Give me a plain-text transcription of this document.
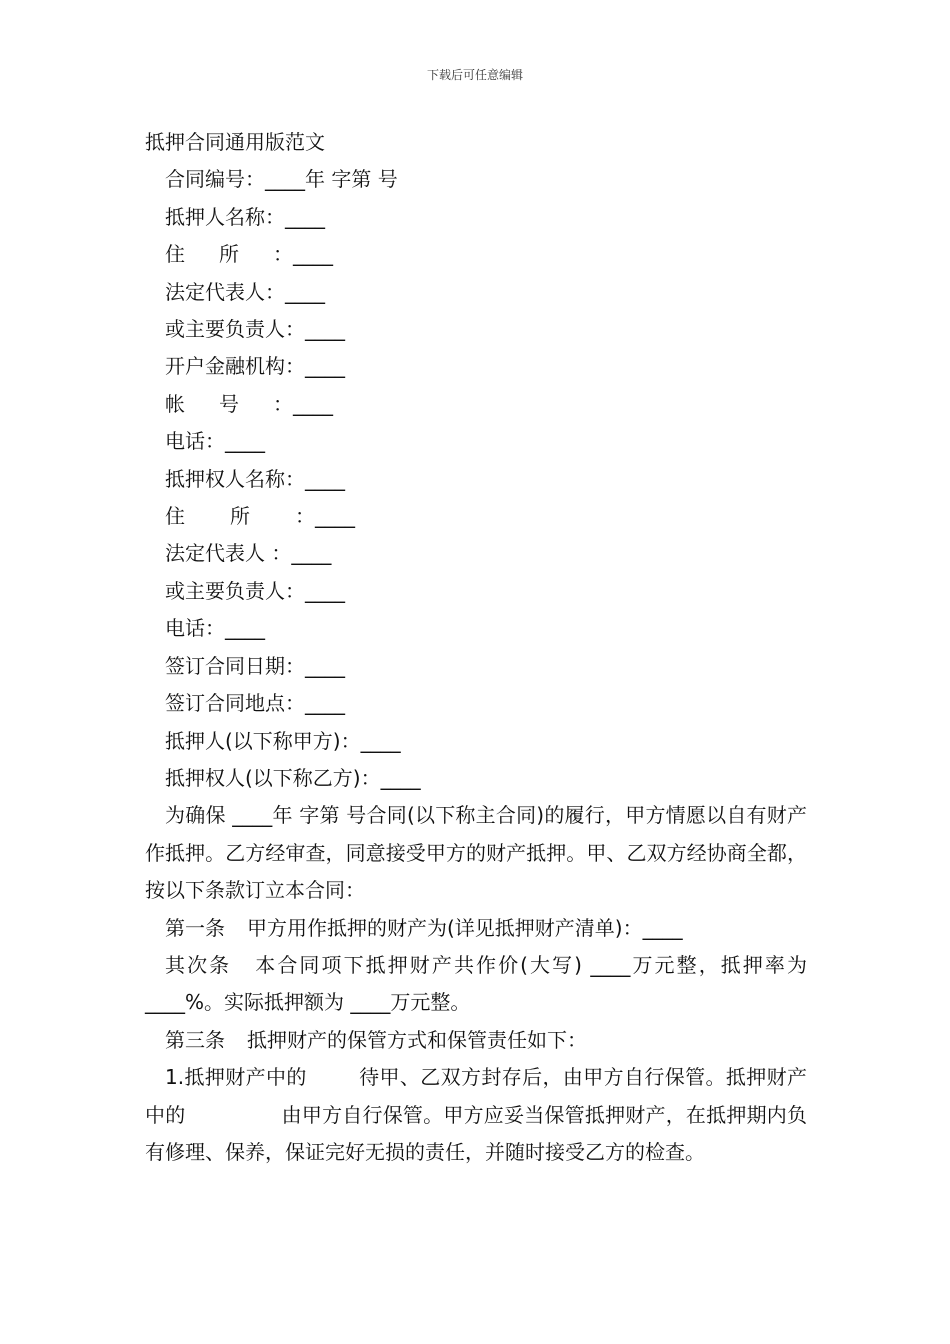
下载后可任意编辑
抵押合同通用版范文

合同编号：____年 字第 号

抵押人名称：____

住所：____

法定代表人：____

或主要负责人：____

开户金融机构：____

帐号：____

电话：____

抵押权人名称：____

住所：____

法定代表人 ：____

或主要负责人：____

电话：____

签订合同日期：____

签订合同地点：____

抵押人(以下称甲方)：____

抵押权人(以下称乙方)：____

为确保 ____年 字第 号合同(以下称主合同)的履行，甲方情愿以自有财产作抵押。乙方经审查，同意接受甲方的财产抵押。甲、乙双方经协商全都，按以下条款订立本合同：

第一条 甲方用作抵押的财产为(详见抵押财产清单)：____

其次条 本合同项下抵押财产共作价(大写) ____万元整，抵押率为 ____%。实际抵押额为 ____万元整。

第三条 抵押财产的保管方式和保管责任如下：

1.抵押财产中的	待甲、乙双方封存后，由甲方自行保管。抵押财产中的	由甲方自行保管。甲方应妥当保管抵押财产，在抵押期内负有修理、保养，保证完好无损的责任，并随时接受乙方的检查。
